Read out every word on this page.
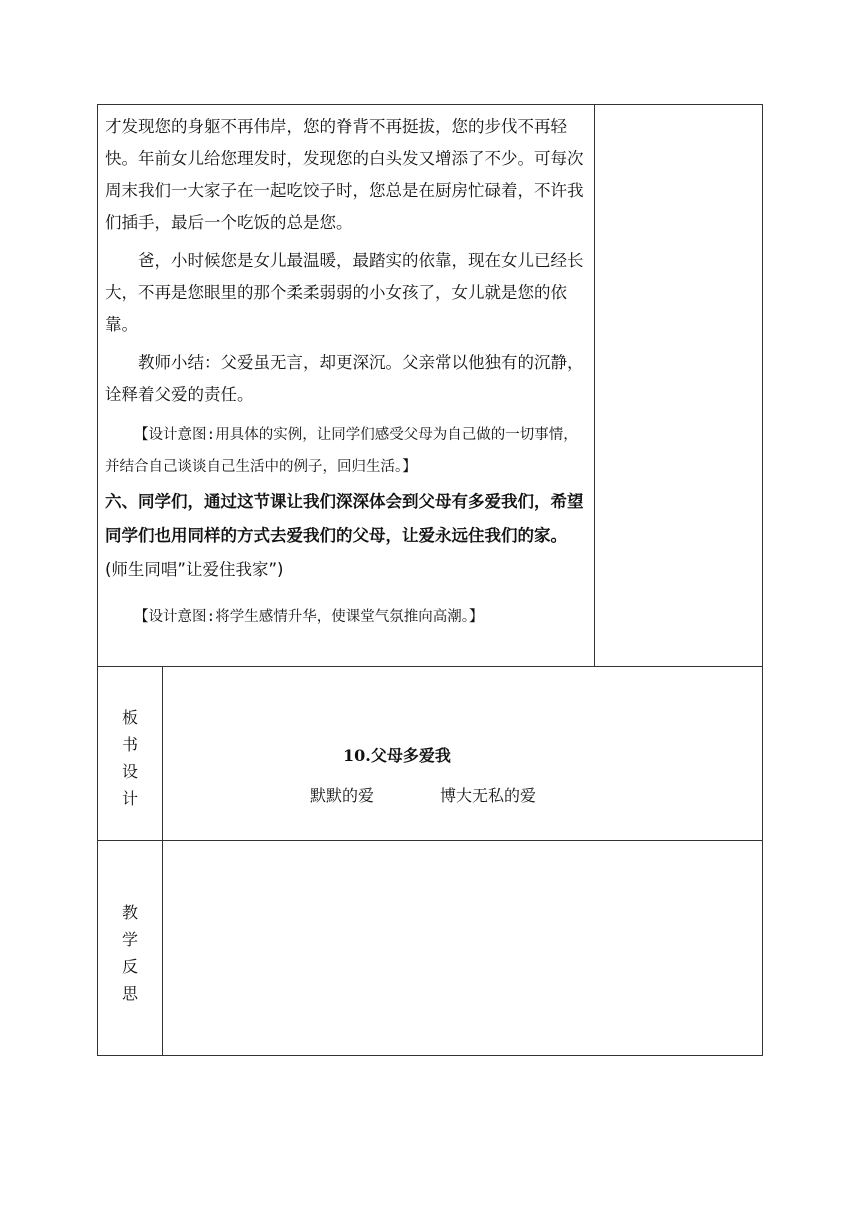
才发现您的身躯不再伟岸，您的脊背不再挺拔，您的步伐不再轻快。年前女儿给您理发时，发现您的白头发又增添了不少。可每次周末我们一大家子在一起吃饺子时，您总是在厨房忙碌着，不许我们插手，最后一个吃饭的总是您。

爸，小时候您是女儿最温暖，最踏实的依靠，现在女儿已经长大，不再是您眼里的那个柔柔弱弱的小女孩了，女儿就是您的依靠。

教师小结：父爱虽无言，却更深沉。父亲常以他独有的沉静，诠释着父爱的责任。

【设计意图:用具体的实例，让同学们感受父母为自己做的一切事情，并结合自己谈谈自己生活中的例子，回归生活。】

六、同学们，通过这节课让我们深深体会到父母有多爱我们，希望同学们也用同样的方式去爱我们的父母，让爱永远住我们的家。(师生同唱”让爱住我家”)

【设计意图:将学生感情升华，使课堂气氛推向高潮。】

板
书
设
计
10.父母多爱我
默默的爱	博大无私的爱
教
学
反
思
